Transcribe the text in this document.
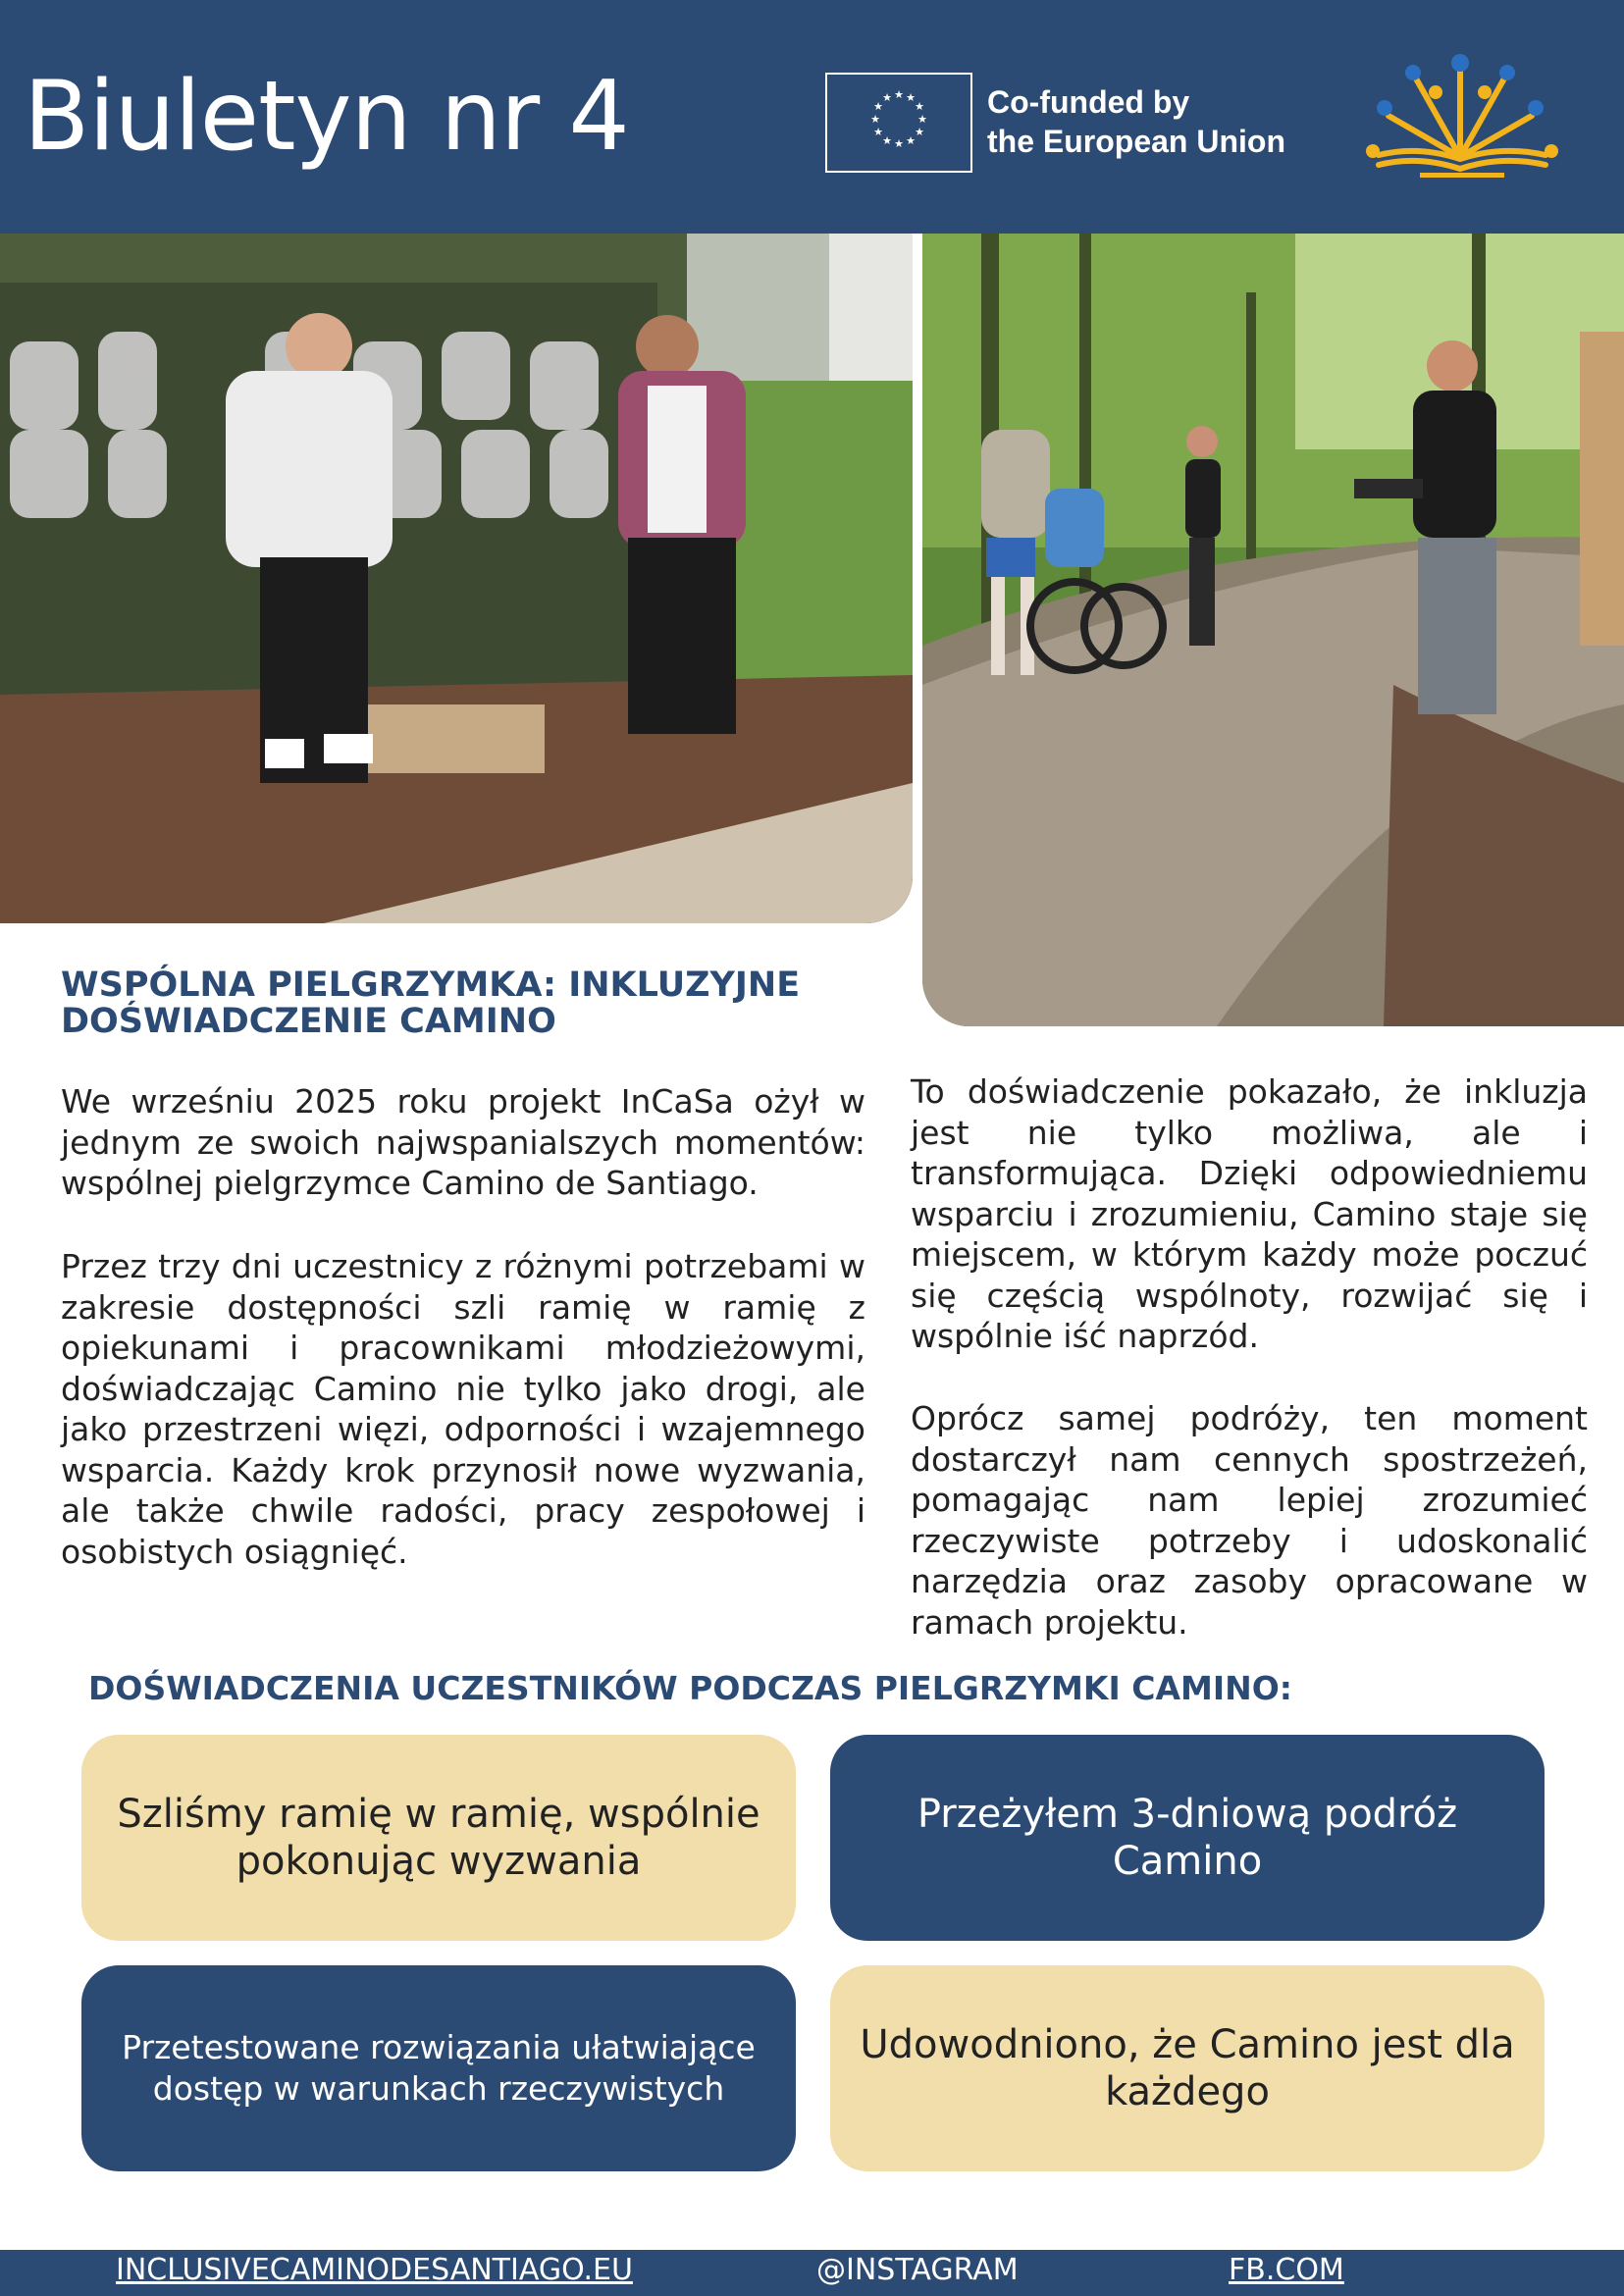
Biuletyn nr 4	★ ★
★
★
★
★
★
★
★
★
★
★	Co-funded by
the European Union
WSPÓLNA PIELGRZYMKA: INKLUZYJNE DOŚWIADCZENIE CAMINO

We wrześniu 2025 roku projekt InCaSa ożył w jednym ze swoich najwspanialszych momentów: wspólnej pielgrzymce Camino de Santiago.

Przez trzy dni uczestnicy z różnymi potrzebami w zakresie dostępności szli ramię w ramię z opiekunami i pracownikami młodzieżowymi, doświadczając Camino nie tylko jako drogi, ale jako przestrzeni więzi, odporności i wzajemnego wsparcia. Każdy krok przynosił nowe wyzwania, ale także chwile radości, pracy zespołowej i osobistych osiągnięć.

To doświadczenie pokazało, że inkluzja jest nie tylko możliwa, ale i transformująca. Dzięki odpowiedniemu wsparciu i zrozumieniu, Camino staje się miejscem, w którym każdy może poczuć się częścią wspólnoty, rozwijać się i wspólnie iść naprzód.

Oprócz samej podróży, ten moment dostarczył nam cennych spostrzeżeń, pomagając nam lepiej zrozumieć rzeczywiste potrzeby i udoskonalić narzędzia oraz zasoby opracowane w ramach projektu.

DOŚWIADCZENIA UCZESTNIKÓW PODCZAS PIELGRZYMKI CAMINO:
Szliśmy ramię w ramię, wspólnie pokonując wyzwania
Przeżyłem 3-dniową podróż Camino
Przetestowane rozwiązania ułatwiające dostęp w warunkach rzeczywistych
Udowodniono, że Camino jest dla każdego
INCLUSIVECAMINODESANTIAGO.EU	@INSTAGRAM	FB.COM
